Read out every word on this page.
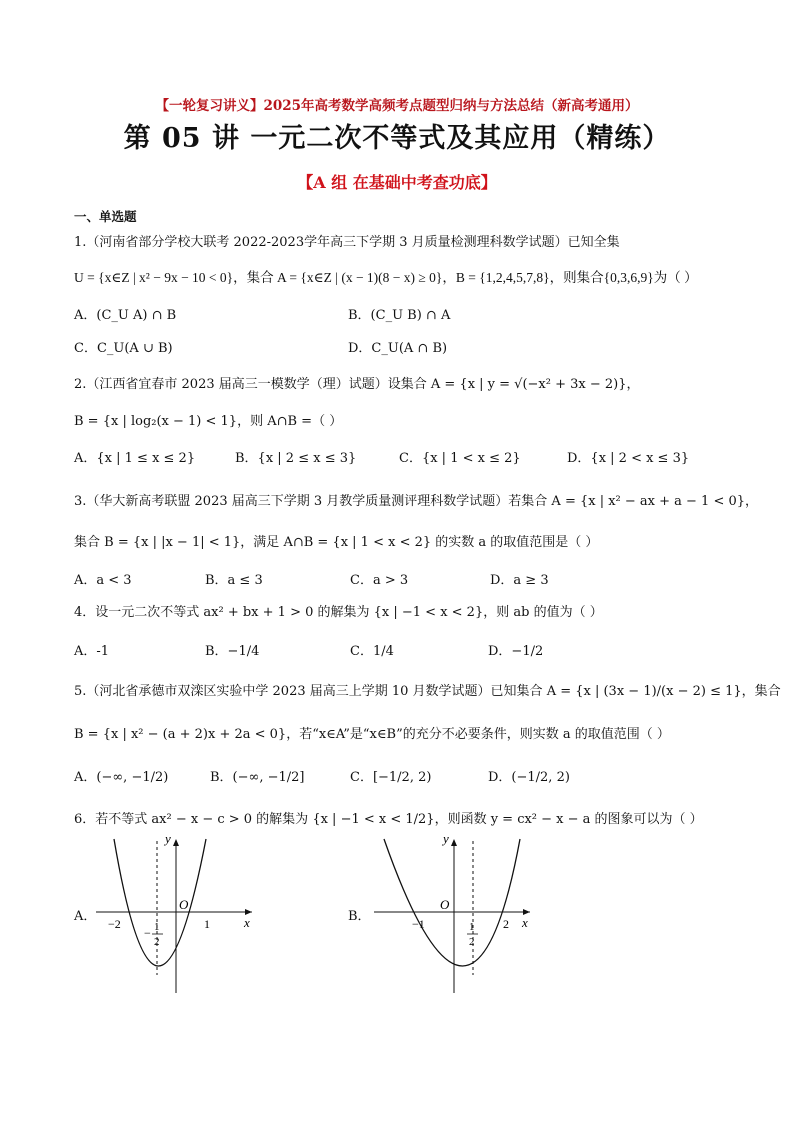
【一轮复习讲义】2025年高考数学高频考点题型归纳与方法总结（新高考通用）
第 05 讲 一元二次不等式及其应用（精练）
【A 组 在基础中考查功底】
一、单选题
1.（河南省部分学校大联考 2022-2023学年高三下学期 3 月质量检测理科数学试题）已知全集
U = {x∈Z | x² − 9x − 10 < 0}，集合 A = {x∈Z | (x − 1)(8 − x) ≥ 0}，B = {1,2,4,5,7,8}，则集合{0,3,6,9}为（ ）
A．(C_U A) ∩ B	B．(C_U B) ∩ A
C．C_U(A ∪ B)	D．C_U(A ∩ B)
2.（江西省宜春市 2023 届高三一模数学（理）试题）设集合 A = {x | y = √(−x² + 3x − 2)}，
B = {x | log₂(x − 1) < 1}，则 A∩B =（ ）
A．{x | 1 ≤ x ≤ 2}	B．{x | 2 ≤ x ≤ 3}	C．{x | 1 < x ≤ 2}	D．{x | 2 < x ≤ 3}
3.（华大新高考联盟 2023 届高三下学期 3 月教学质量测评理科数学试题）若集合 A = {x | x² − ax + a − 1 < 0}，
集合 B = {x | |x − 1| < 1}，满足 A∩B = {x | 1 < x < 2} 的实数 a 的取值范围是（ ）
A．a < 3	B．a ≤ 3	C．a > 3	D．a ≥ 3
4．设一元二次不等式 ax² + bx + 1 > 0 的解集为 {x | −1 < x < 2}，则 ab 的值为（ ）
A．-1	B．−1/4	C．1/4	D．−1/2
5.（河北省承德市双滦区实验中学 2023 届高三上学期 10 月数学试题）已知集合 A = {x | (3x − 1)/(x − 2) ≤ 1}，集合
B = {x | x² − (a + 2)x + 2a < 0}，若“x∈A”是“x∈B”的充分不必要条件，则实数 a 的取值范围（ ）
A．(−∞, −1/2)	B．(−∞, −1/2]	C．[−1/2, 2)	D．(−1/2, 2)
6．若不等式 ax² − x − c > 0 的解集为 {x | −1 < x < 1/2}，则函数 y = cx² − x − a 的图象可以为（ ）
A．	B．
y
x
O
−2	1
− 1
2
y
x
O
−1	2
1
2
